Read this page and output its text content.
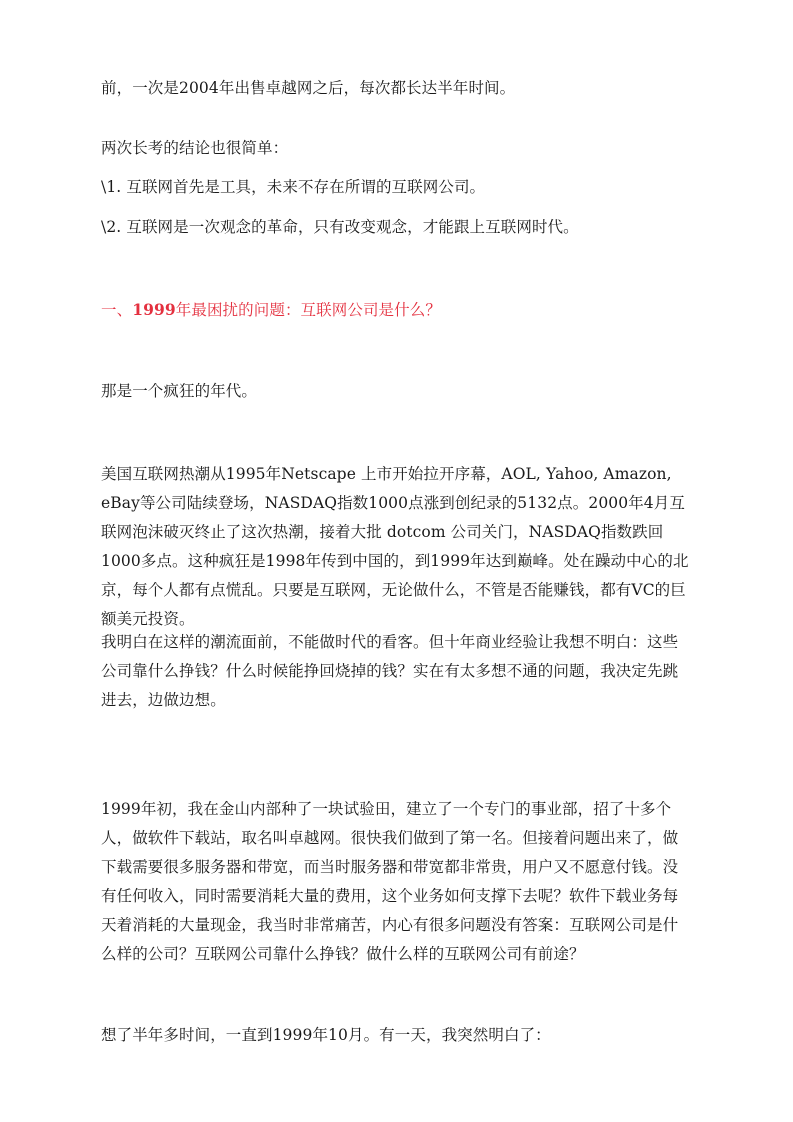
前，一次是2004年出售卓越网之后，每次都长达半年时间。

两次长考的结论也很简单：

\1. 互联网首先是工具，未来不存在所谓的互联网公司。

\2. 互联网是一次观念的革命，只有改变观念，才能跟上互联网时代。

一、1999年最困扰的问题：互联网公司是什么？

那是一个疯狂的年代。

美国互联网热潮从1995年Netscape 上市开始拉开序幕，AOL, Yahoo, Amazon, eBay等公司陆续登场，NASDAQ指数1000点涨到创纪录的5132点。2000年4月互联网泡沫破灭终止了这次热潮，接着大批 dotcom 公司关门，NASDAQ指数跌回1000多点。这种疯狂是1998年传到中国的，到1999年达到巅峰。处在躁动中心的北京，每个人都有点慌乱。只要是互联网，无论做什么，不管是否能赚钱，都有VC的巨额美元投资。

我明白在这样的潮流面前，不能做时代的看客。但十年商业经验让我想不明白：这些公司靠什么挣钱？什么时候能挣回烧掉的钱？实在有太多想不通的问题，我决定先跳进去，边做边想。

1999年初，我在金山内部种了一块试验田，建立了一个专门的事业部，招了十多个人，做软件下载站，取名叫卓越网。很快我们做到了第一名。但接着问题出来了，做下载需要很多服务器和带宽，而当时服务器和带宽都非常贵，用户又不愿意付钱。没有任何收入，同时需要消耗大量的费用，这个业务如何支撑下去呢？软件下载业务每天着消耗的大量现金，我当时非常痛苦，内心有很多问题没有答案：互联网公司是什么样的公司？互联网公司靠什么挣钱？做什么样的互联网公司有前途？

想了半年多时间，一直到1999年10月。有一天，我突然明白了：
